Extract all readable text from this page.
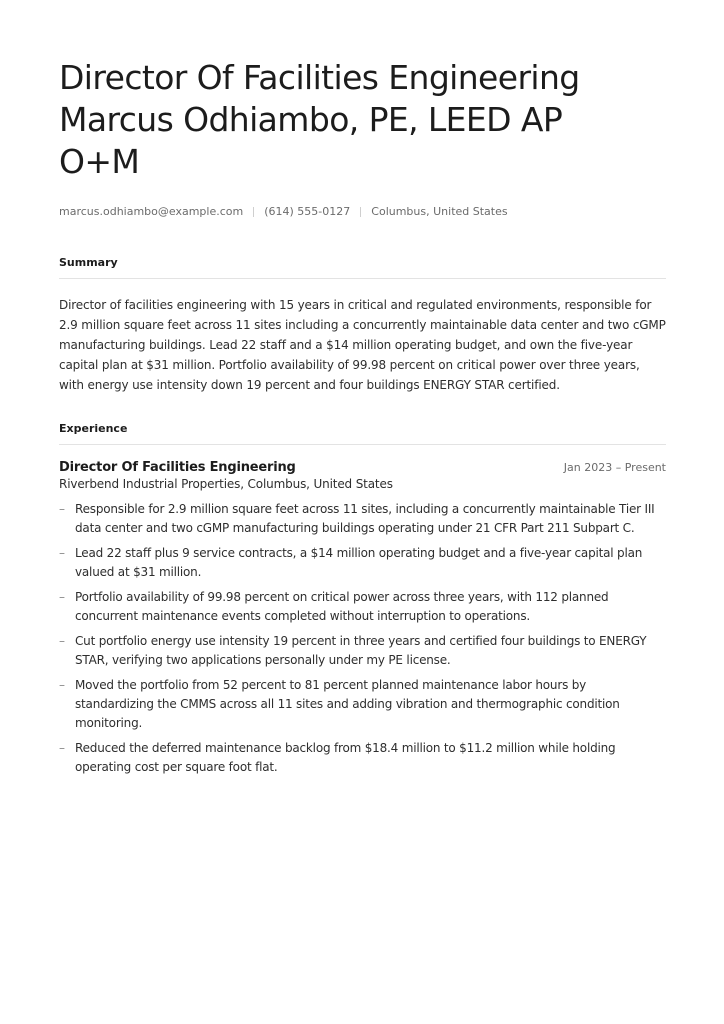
Director Of Facilities Engineering
Marcus Odhiambo, PE, LEED AP
O+M
marcus.odhiambo@example.com (614) 555-0127 Columbus, United States
Summary

Director of facilities engineering with 15 years in critical and regulated environments, responsible for 2.9 million square feet across 11 sites including a concurrently maintainable data center and two cGMP manufacturing buildings. Lead 22 staff and a $14 million operating budget, and own the five-year capital plan at $31 million. Portfolio availability of 99.98 percent on critical power over three years, with energy use intensity down 19 percent and four buildings ENERGY STAR certified.

Experience
Director Of Facilities Engineering	Jan 2023 – Present
Riverbend Industrial Properties, Columbus, United States
– Responsible for 2.9 million square feet across 11 sites, including a concurrently maintainable Tier III data center and two cGMP manufacturing buildings operating under 21 CFR Part 211 Subpart C.
– Lead 22 staff plus 9 service contracts, a $14 million operating budget and a five-year capital plan valued at $31 million.
– Portfolio availability of 99.98 percent on critical power across three years, with 112 planned concurrent maintenance events completed without interruption to operations.
– Cut portfolio energy use intensity 19 percent in three years and certified four buildings to ENERGY STAR, verifying two applications personally under my PE license.
– Moved the portfolio from 52 percent to 81 percent planned maintenance labor hours by standardizing the CMMS across all 11 sites and adding vibration and thermographic condition monitoring.
– Reduced the deferred maintenance backlog from $18.4 million to $11.2 million while holding operating cost per square foot flat.
